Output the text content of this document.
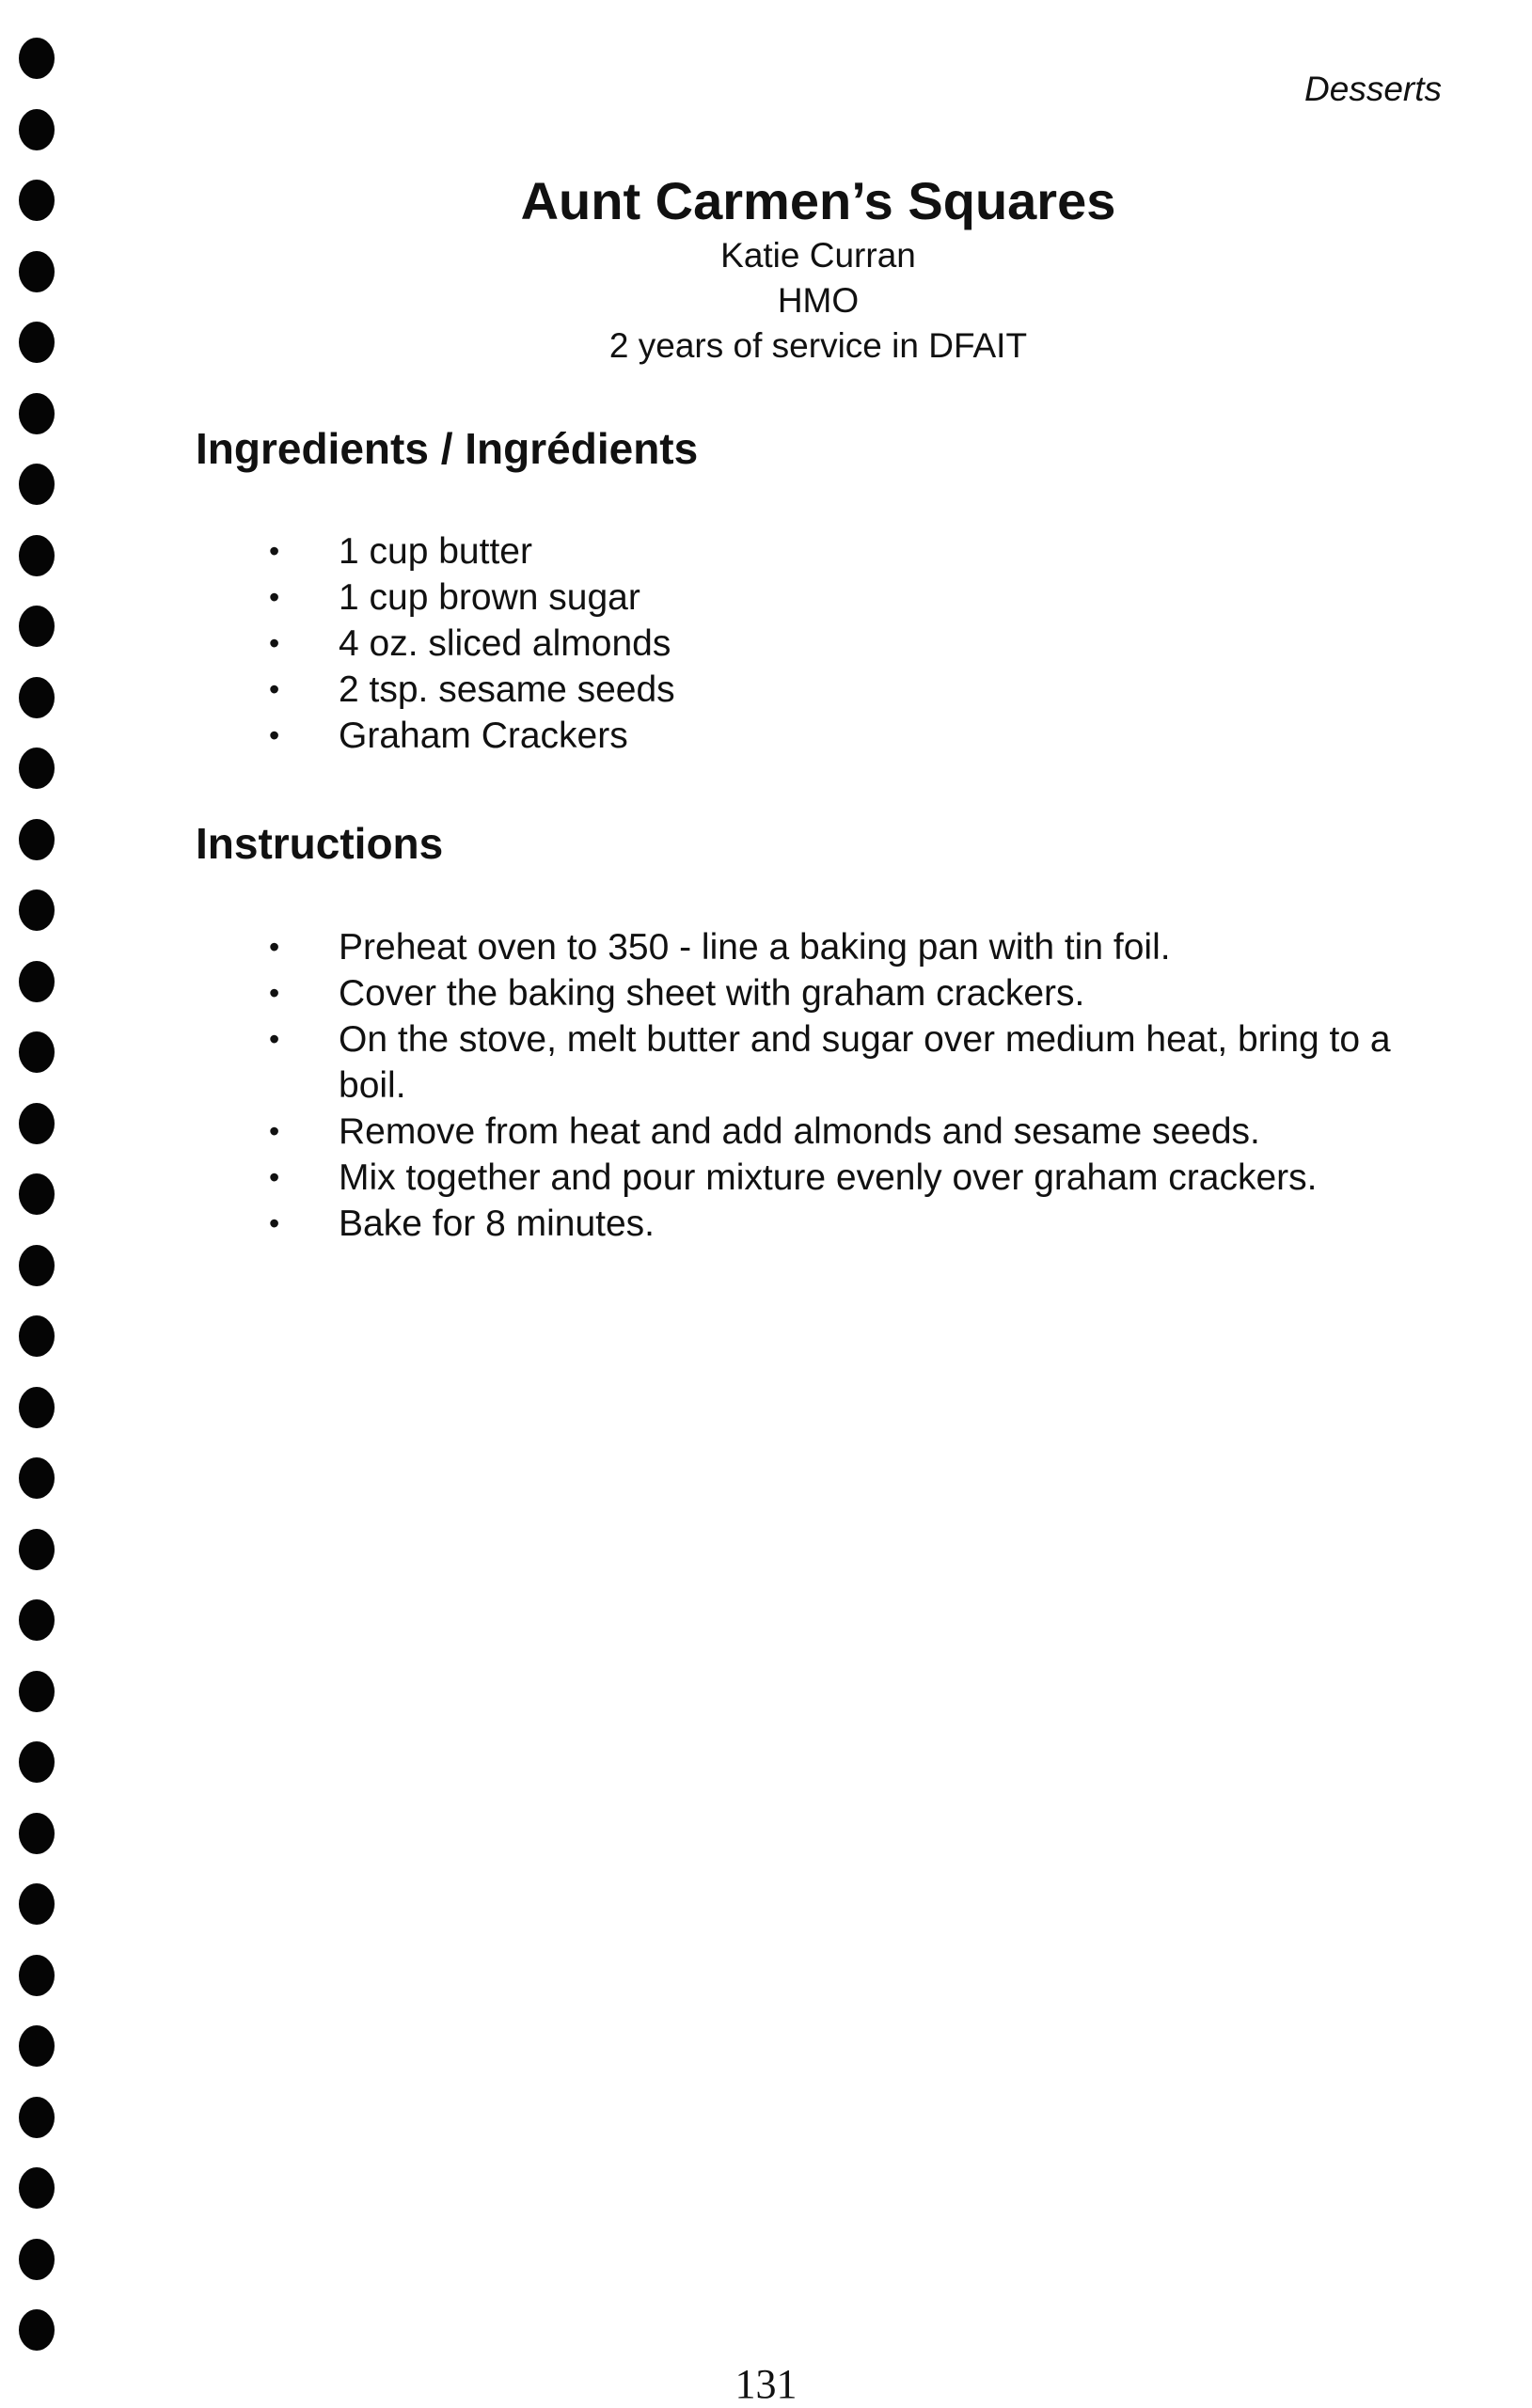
Desserts
Aunt Carmen’s Squares

Katie Curran

HMO

2 years of service in DFAIT

Ingredients / Ingrédients
• 1 cup butter
• 1 cup brown sugar
• 4 oz. sliced almonds
• 2 tsp. sesame seeds
• Graham Crackers
Instructions
• Preheat oven to 350 - line a baking pan with tin foil.
• Cover the baking sheet with graham crackers.
• On the stove, melt butter and sugar over medium heat, bring to a boil.
• Remove from heat and add almonds and sesame seeds.
• Mix together and pour mixture evenly over graham crackers.
• Bake for 8 minutes.
131
